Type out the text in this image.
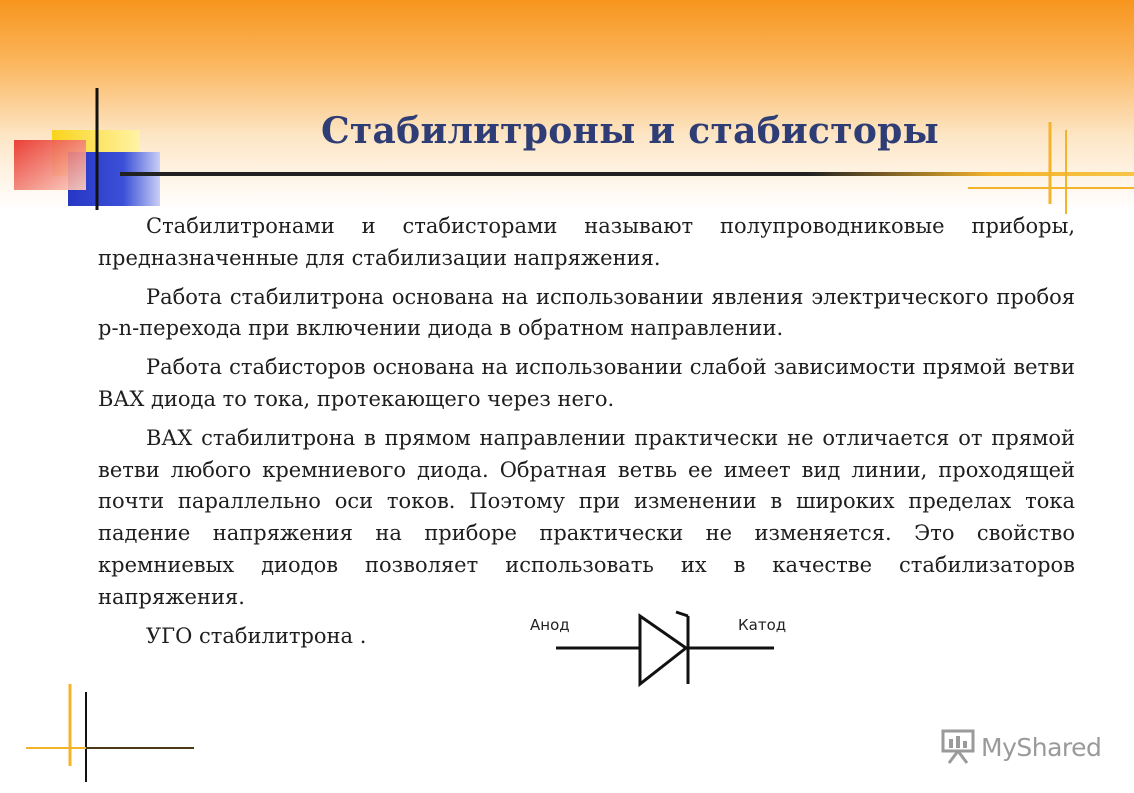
Стабилитроны и стабисторы

Стабилитронами и стабисторами называют полупроводниковые приборы, предназначенные для стабилизации напряжения.

Работа стабилитрона основана на использовании явления электрического пробоя p-n-перехода при включении диода в обратном направлении.

Работа стабисторов основана на использовании слабой зависимости прямой ветви ВАХ диода то тока, протекающего через него.

ВАХ стабилитрона в прямом направлении практически не отличается от прямой ветви любого кремниевого диода. Обратная ветвь ее имеет вид линии, проходящей почти параллельно оси токов. Поэтому при изменении в широких пределах тока падение напряжения на приборе практически не изменяется. Это свойство кремниевых диодов позволяет использовать их в качестве стабилизаторов напряжения.

УГО стабилитрона .	Анод	Катод
MyShared
